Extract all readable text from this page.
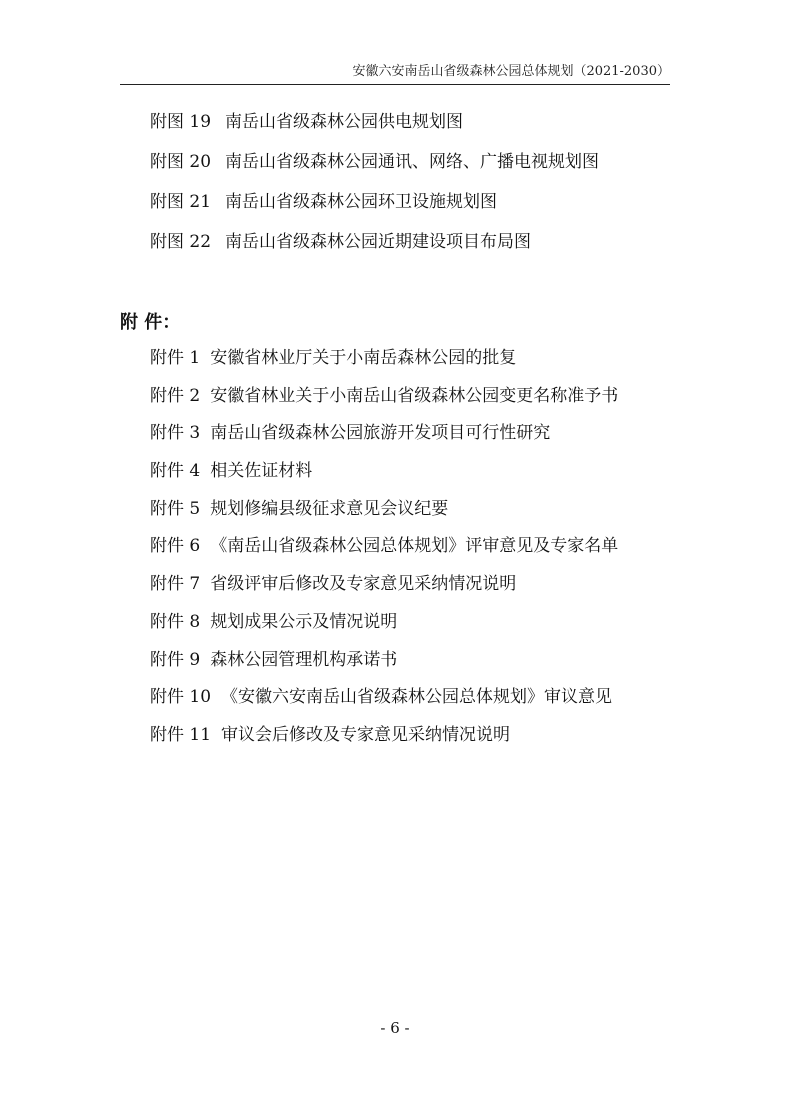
安徽六安南岳山省级森林公园总体规划（2021-2030）
附图 19 南岳山省级森林公园供电规划图
附图 20 南岳山省级森林公园通讯、网络、广播电视规划图
附图 21 南岳山省级森林公园环卫设施规划图
附图 22 南岳山省级森林公园近期建设项目布局图
附 件：
附件 1 安徽省林业厅关于小南岳森林公园的批复
附件 2 安徽省林业关于小南岳山省级森林公园变更名称准予书
附件 3 南岳山省级森林公园旅游开发项目可行性研究
附件 4 相关佐证材料
附件 5 规划修编县级征求意见会议纪要
附件 6 《南岳山省级森林公园总体规划》评审意见及专家名单
附件 7 省级评审后修改及专家意见采纳情况说明
附件 8 规划成果公示及情况说明
附件 9 森林公园管理机构承诺书
附件 10 《安徽六安南岳山省级森林公园总体规划》审议意见
附件 11 审议会后修改及专家意见采纳情况说明
- 6 -
